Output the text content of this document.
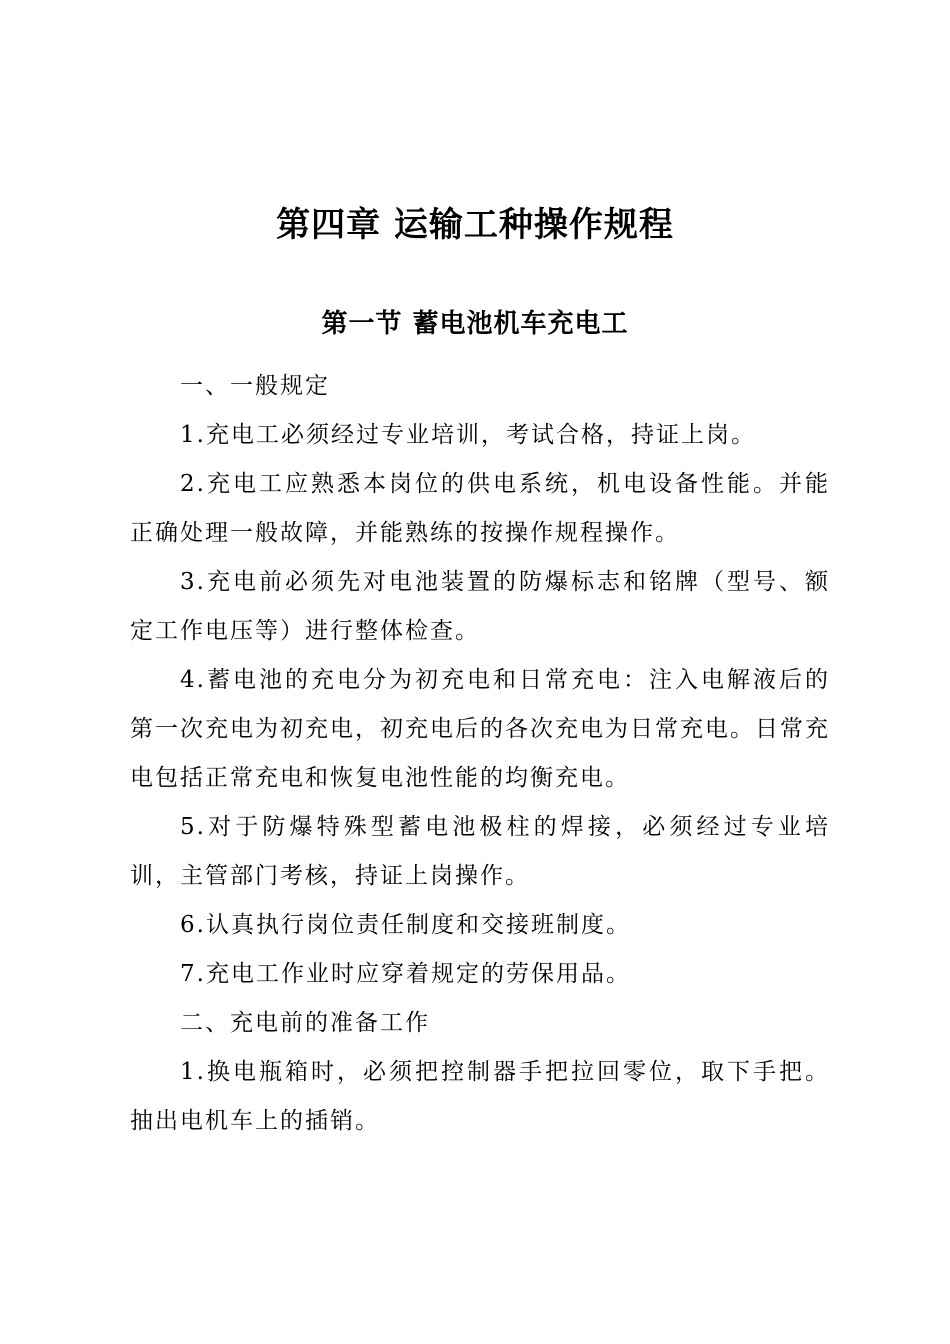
第四章 运输工种操作规程
第一节 蓄电池机车充电工

一、一般规定

1.充电工必须经过专业培训，考试合格，持证上岗。

2.充电工应熟悉本岗位的供电系统，机电设备性能。并能正确处理一般故障，并能熟练的按操作规程操作。

3.充电前必须先对电池装置的防爆标志和铭牌（型号、额定工作电压等）进行整体检查。

4.蓄电池的充电分为初充电和日常充电：注入电解液后的第一次充电为初充电，初充电后的各次充电为日常充电。日常充电包括正常充电和恢复电池性能的均衡充电。

5.对于防爆特殊型蓄电池极柱的焊接，必须经过专业培训，主管部门考核，持证上岗操作。

6.认真执行岗位责任制度和交接班制度。

7.充电工作业时应穿着规定的劳保用品。

二、充电前的准备工作

1.换电瓶箱时，必须把控制器手把拉回零位，取下手把。抽出电机车上的插销。
